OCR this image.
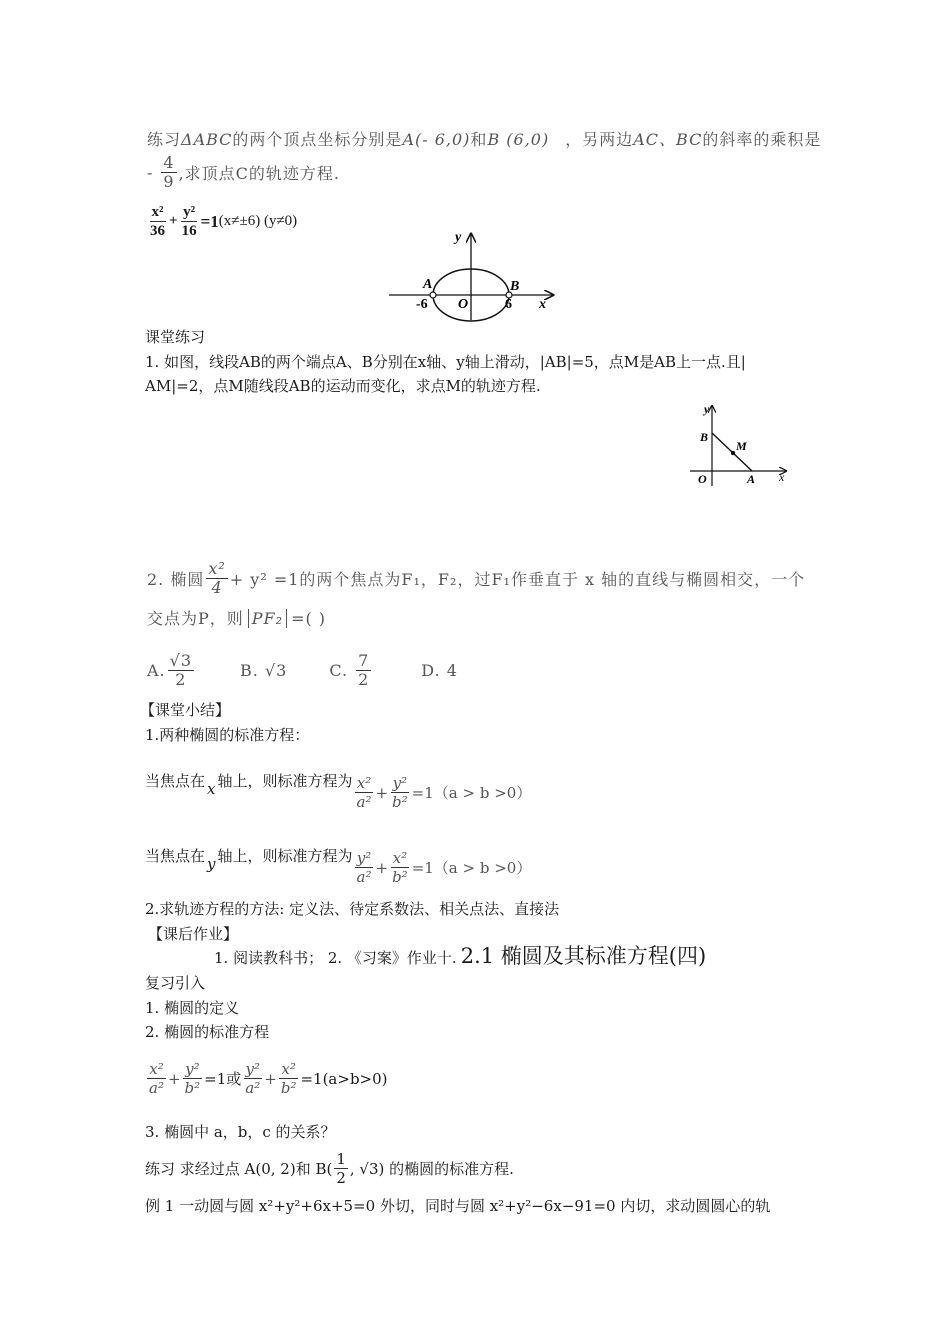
练习ΔABC的两个顶点坐标分别是A(- 6,0)和B (6,0) ，另两边AC、BC的斜率的乘积是
- $\frac{4}{9}$ ,求顶点C的轨迹方程.
$\frac{\text{x²}}{36} + \frac{\text{y²}}{16} =1$ (x≠±6) (y≠0)
y
x
A	B
O
-6	6
课堂练习
1. 如图，线段AB的两个端点A、B分别在x轴、y轴上滑动，|AB|=5，点M是AB上一点.且|
AM|=2，点M随线段AB的运动而变化，求点M的轨迹方程.
y
x
B
M
O	A
2. 椭圆 $\frac{\text{x²}}{4} + y^2 =1$的两个焦点为F₁，F₂，过F₁作垂直于 x 轴的直线与椭圆相交，一个
交点为P，则 PF₂ =( )
A. $\frac{√3}{2}$	B. √3	C. $\frac{7}{2}$	D. 4
【课堂小结】
1.两种椭圆的标准方程：
当焦点在 x 轴上，则标准方程为 $\frac{\text{x²}}{\text{a²}} + \frac{\text{y²}}{\text{b²}} =1(a > b >0)$
当焦点在 y 轴上，则标准方程为 $\frac{\text{y²}}{\text{a²}} + \frac{\text{x²}}{\text{b²}} =1(a > b >0)$
2.求轨迹方程的方法: 定义法、待定系数法、相关点法、直接法
【课后作业】
1. 阅读教科书； 2. 《习案》作业十. 2.1 椭圆及其标准方程(四)
复习引入
1. 椭圆的定义
2. 椭圆的标准方程
$\frac{\text{x²}}{\text{a²}} + \frac{\text{y²}}{\text{b²}} =1$或 $\frac{\text{y²}}{\text{a²}} + \frac{\text{x²}}{\text{b²}} =1(a>b>0)$
3. 椭圆中 a，b，c 的关系？
练习 求经过点 A(0, 2)和 $B( \frac{1}{2}$ , √3) 的椭圆的标准方程.
例 1 一动圆与圆 x²+y²+6x+5=0 外切，同时与圆 x²+y²−6x−91=0 内切，求动圆圆心的轨
